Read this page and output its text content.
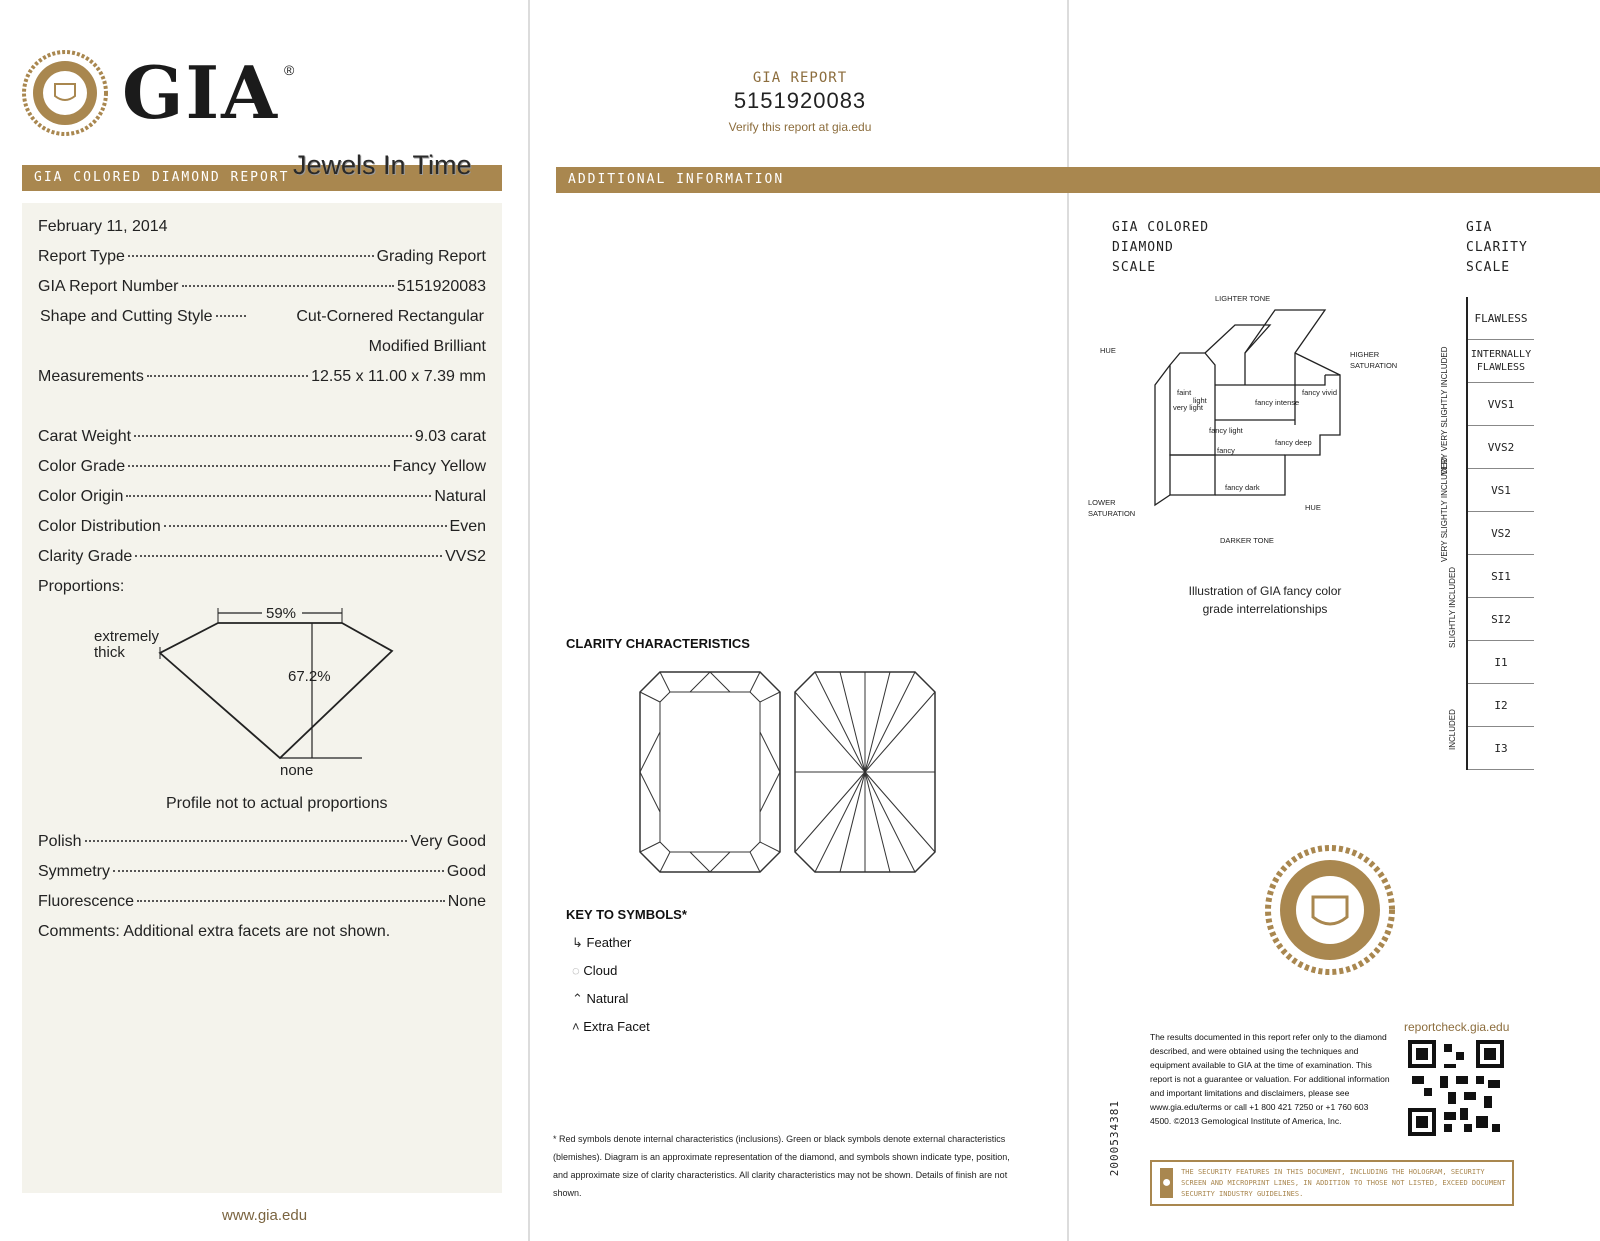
GIA ®
GIA COLORED DIAMOND REPORT Jewels In Time
February 11, 2014
Report Type	Grading Report
GIA Report Number	5151920083
Shape and Cutting Style	Cut-Cornered Rectangular
Modified Brilliant
Measurements	12.55 x 11.00 x 7.39 mm
Carat Weight	9.03 carat
Color Grade	Fancy Yellow
Color Origin	Natural
Color Distribution	Even
Clarity Grade	VVS2
Proportions:
59%
67.2%
extremely
thick
none
Profile not to actual proportions
Polish	Very Good
Symmetry	Good
Fluorescence	None
Comments: Additional extra facets are not shown.
www.gia.edu
GIA REPORT
5151920083
Verify this report at gia.edu
ADDITIONAL INFORMATION
CLARITY CHARACTERISTICS
KEY TO SYMBOLS*
↳ Feather
◌ Cloud
⌃ Natural
˄ Extra Facet
* Red symbols denote internal characteristics (inclusions). Green or black symbols denote external characteristics (blemishes). Diagram is an approximate representation of the diamond, and symbols shown indicate type, position, and approximate size of clarity characteristics. All clarity characteristics may not be shown. Details of finish are not shown.
GIA COLORED
DIAMOND
SCALE
GIA
CLARITY
SCALE
LIGHTER TONE
DARKER TONE
HUE
HUE
HIGHER
SATURATION
LOWER
SATURATION
faint
very light
light
fancy light
fancy
fancy intense
fancy vivid
fancy deep
fancy dark
Illustration of GIA fancy color
grade interrelationships
FLAWLESS
INTERNALLY FLAWLESS
VVS1
VVS2
VS1
VS2
SI1
SI2
I1
I2
I3
VERY VERY SLIGHTLY INCLUDED
VERY SLIGHTLY INCLUDED
SLIGHTLY INCLUDED
INCLUDED
reportcheck.gia.edu
The results documented in this report refer only to the diamond described, and were obtained using the techniques and equipment available to GIA at the time of examination. This report is not a guarantee or valuation. For additional information and important limitations and disclaimers, please see www.gia.edu/terms or call +1 800 421 7250 or +1 760 603 4500. ©2013 Gemological Institute of America, Inc.
2000534381
●
THE SECURITY FEATURES IN THIS DOCUMENT, INCLUDING THE HOLOGRAM, SECURITY SCREEN AND MICROPRINT LINES, IN ADDITION TO THOSE NOT LISTED, EXCEED DOCUMENT SECURITY INDUSTRY GUIDELINES.
